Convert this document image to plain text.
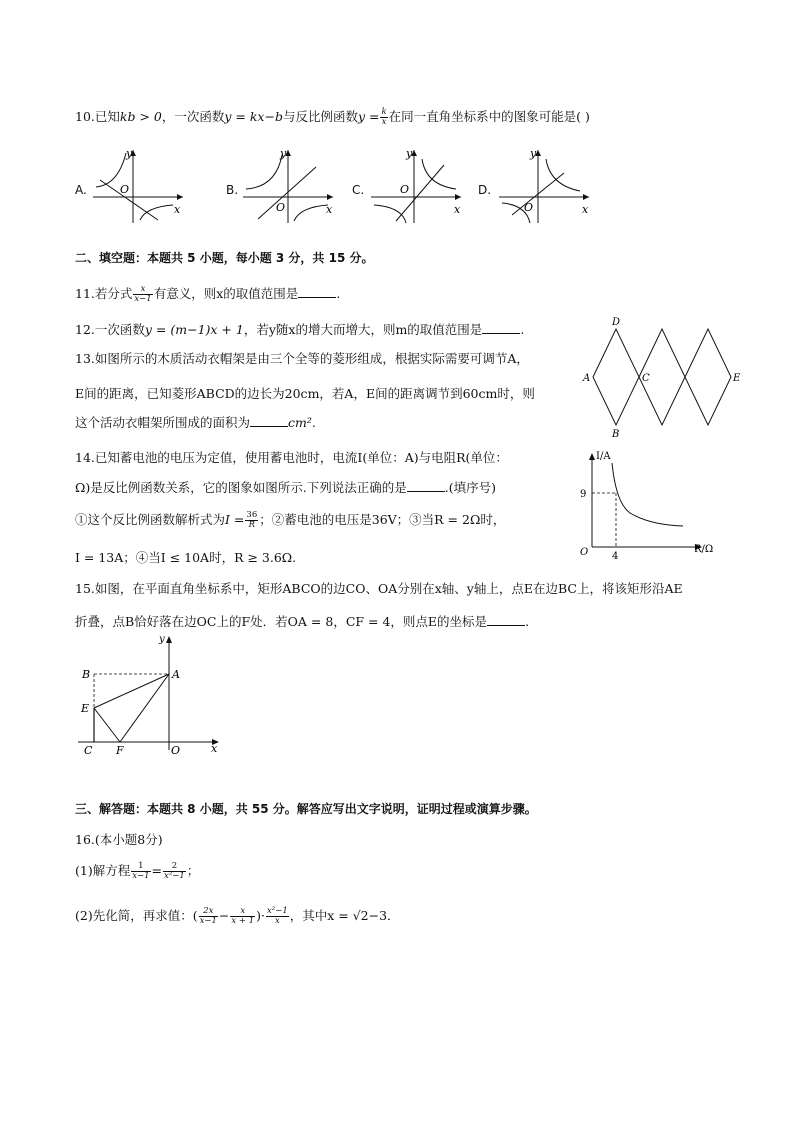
10.已知kb > 0，一次函数y = kx−b与反比例函数$y = \frac{k}{x}$ 在同一直角坐标系中的图象可能是( )
A.	O
y
x
B.
O
y
x
C.	O
y
x
D.
O
y
x
二、填空题：本题共 5 小题，每小题 3 分，共 15 分。
11.若分式 $\frac{x}{x-1}$ 有意义，则x的取值范围是	.
12.一次函数y = (m−1)x + 1，若y随x的增大而增大，则m的取值范围是	.
13.如图所示的木质活动衣帽架是由三个全等的菱形组成，根据实际需要可调节A，
E间的距离，已知菱形ABCD的边长为20cm，若A，E间的距离调节到60cm时，则
这个活动衣帽架所围成的面积为	cm².
D
A	C	E
B
14.已知蓄电池的电压为定值，使用蓄电池时，电流I(单位：A)与电阻R(单位：
Ω)是反比例函数关系，它的图象如图所示.下列说法正确的是	.(填序号)
①这个反比例函数解析式为$I = \frac{36}{R}$ ；②蓄电池的电压是36V；③当R = 2Ω时，
I = 13A；④当I ≤ 10A时，R ≥ 3.6Ω.
I/A
R/Ω
9
4
O
15.如图，在平面直角坐标系中，矩形ABCO的边CO、OA分别在x轴、y轴上，点E在边BC上，将该矩形沿AE
折叠，点B恰好落在边OC上的F处．若OA = 8，CF = 4，则点E的坐标是	.
y
A
B
E
C F	O	x
三、解答题：本题共 8 小题，共 55 分。解答应写出文字说明，证明过程或演算步骤。
16.(本小题8分)
(1)解方程 $\frac{1}{x-1} = \frac{2}{\text{x²−1}}$ ；
(2)先化简，再求值：( $\frac{2x}{x-1} - \frac{x}{x + 1}$ )· $\frac{\text{x²−1}}{x}$ ，其中x = √2−3．
